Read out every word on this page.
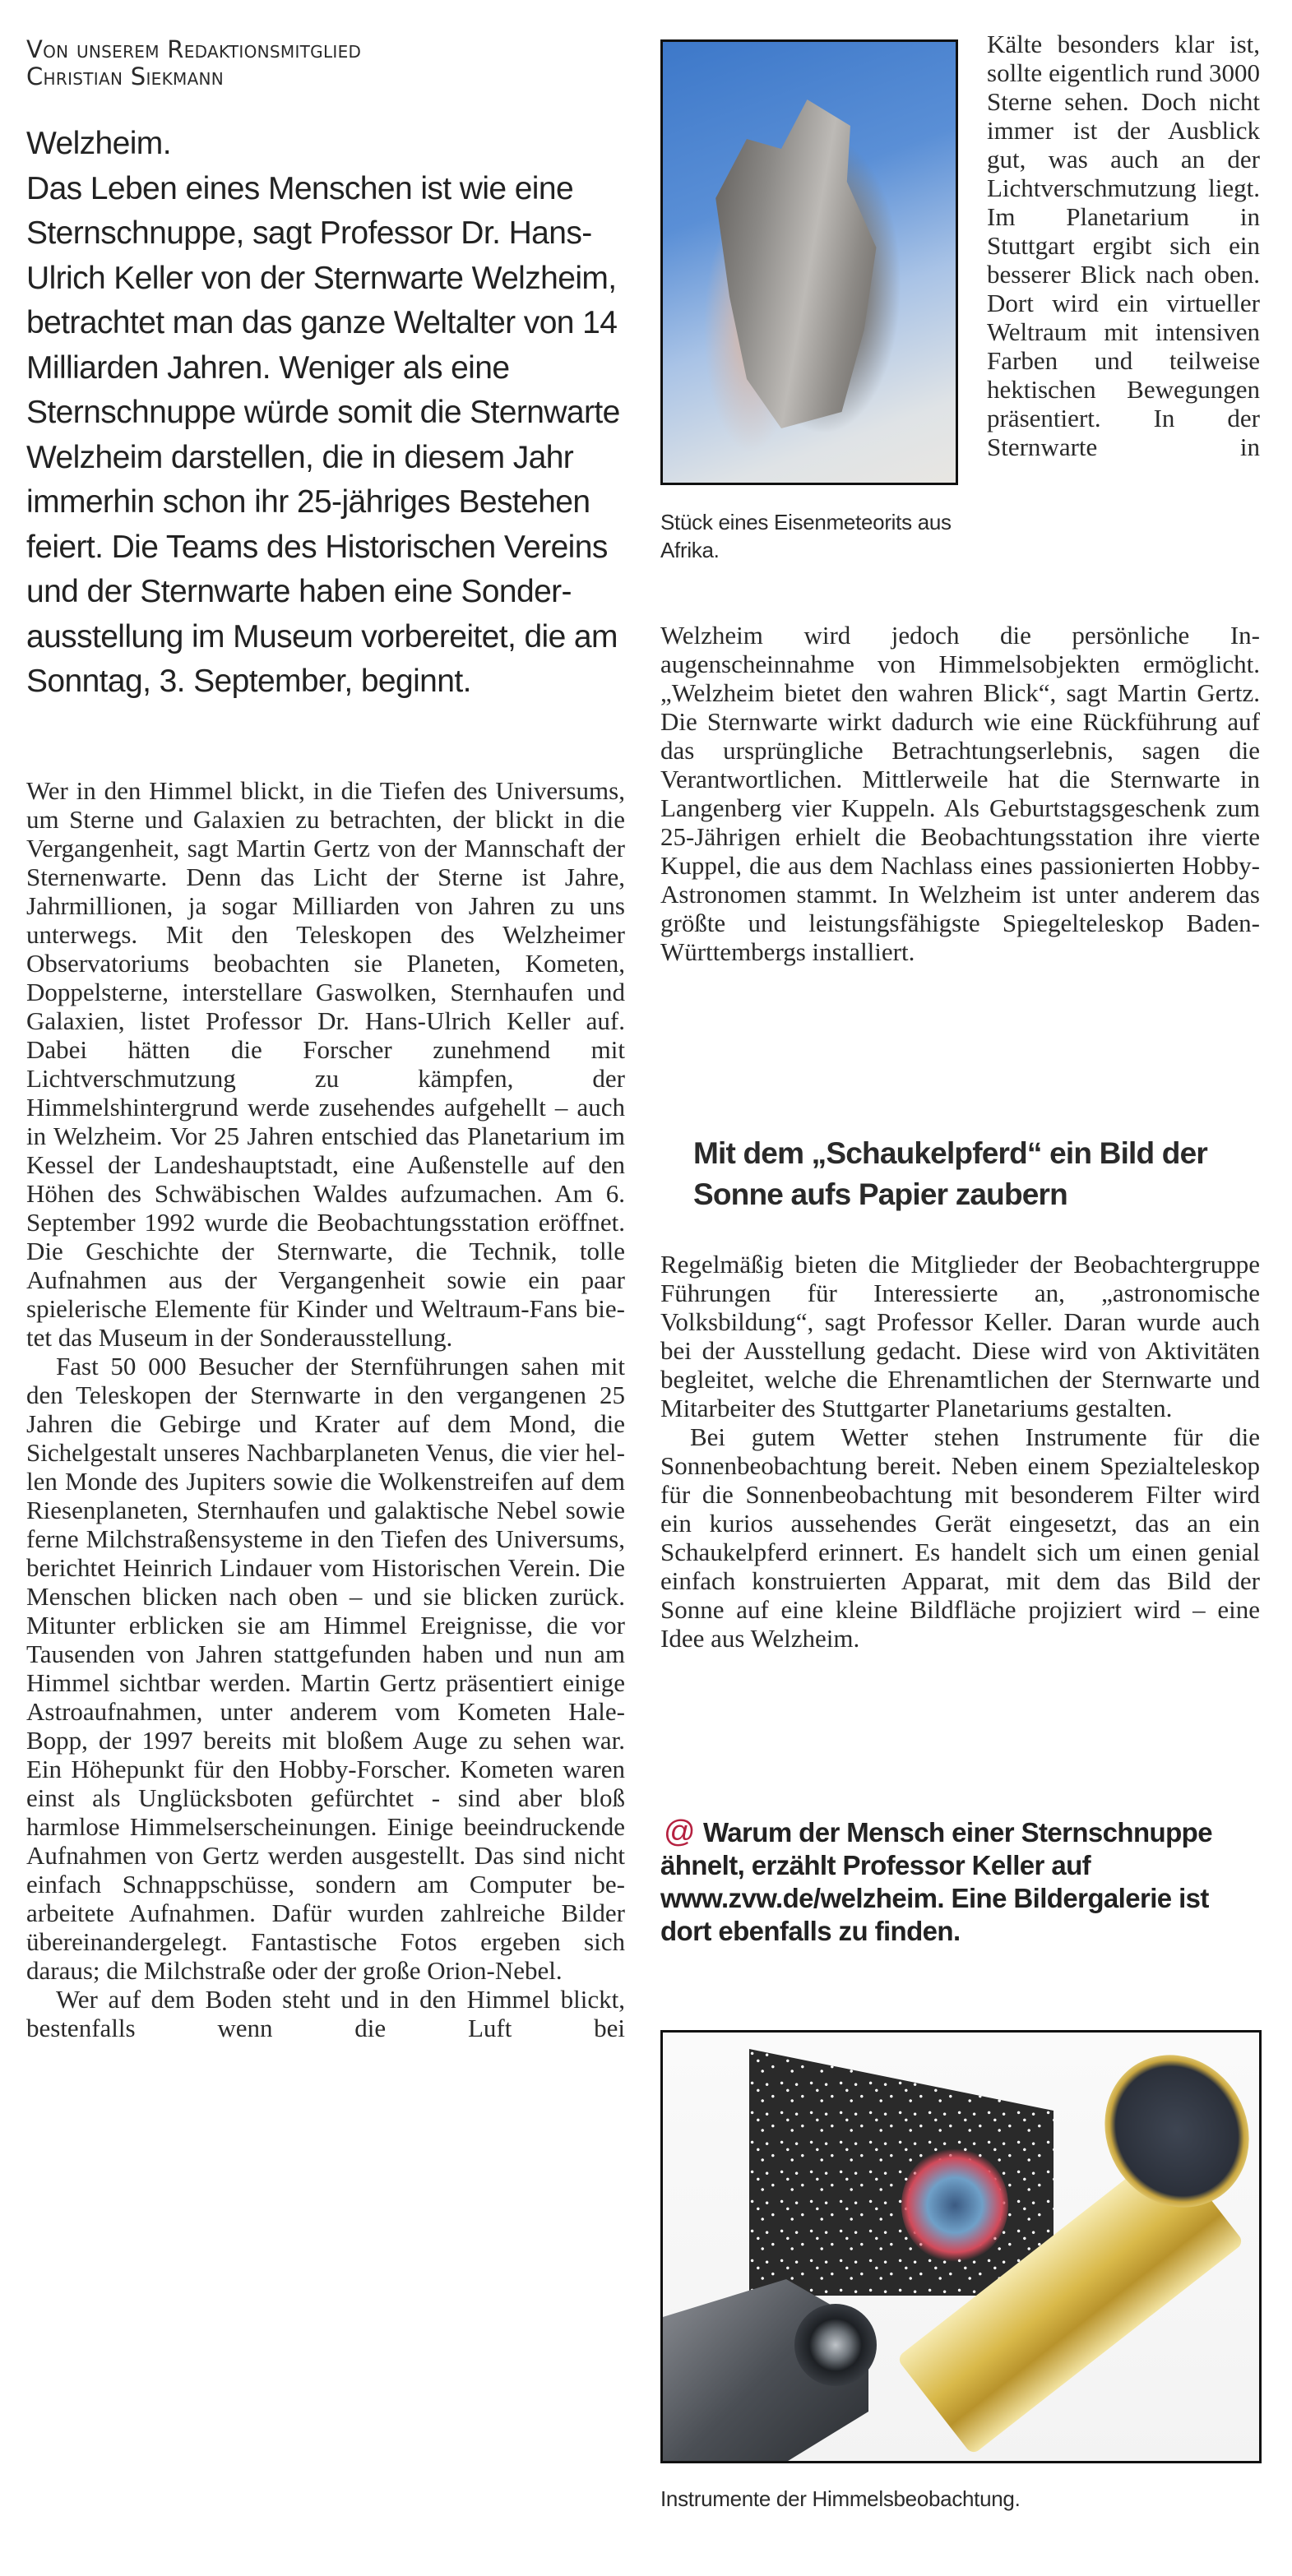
Von unserem Redaktionsmitglied
Christian Siekmann

Welzheim.

Das Leben eines Menschen ist wie eine Sternschnuppe, sagt Professor Dr. Hans- Ulrich Keller von der Sternwarte Welzheim, betrachtet man das ganze Weltalter von 14 Milliarden Jahren. Weniger als eine Sternschnuppe würde somit die Sternwarte Welzheim darstellen, die in diesem Jahr immerhin schon ihr 25-jähriges Bestehen feiert. Die Teams des Historischen Vereins und der Sternwarte haben eine Sonderausstellung im Museum vorbereitet, die am Sonntag, 3. September, beginnt.

Wer in den Himmel blickt, in die Tiefen des Universums, um Sterne und Galaxien zu betrachten, der blickt in die Vergangenheit, sagt Martin Gertz von der Mannschaft der Sternenwarte. Denn das Licht der Sterne ist Jahre, Jahrmillionen, ja sogar Milliarden von Jahren zu uns unterwegs. Mit den Teleskopen des Welzheimer Observatoriums beobachten sie Planeten, Kometen, Doppelsterne, interstellare Gaswolken, Sternhaufen und Galaxien, listet Professor Dr. Hans-Ulrich Keller auf. Dabei hätten die Forscher zunehmend mit Lichtverschmutzung zu kämpfen, der Himmelshintergrund werde zusehendes aufgehellt – auch in Welzheim. Vor 25 Jahren entschied das Planetarium im Kessel der Landeshauptstadt, eine Außenstelle auf den Höhen des Schwäbischen Waldes aufzumachen. Am 6. September 1992 wurde die Beobachtungsstation eröffnet. Die Geschichte der Sternwarte, die Technik, tolle Aufnahmen aus der Vergangenheit sowie ein paar spielerische Elemente für Kinder und Weltraum-Fans bietet das Museum in der Sonderausstellung.

Fast 50 000 Besucher der Sternführungen sahen mit den Teleskopen der Sternwarte in den vergangenen 25 Jahren die Gebirge und Krater auf dem Mond, die Sichelgestalt unseres Nachbarplaneten Venus, die vier hellen Monde des Jupiters sowie die Wolkenstreifen auf dem Riesenplaneten, Sternhaufen und galaktische Nebel sowie ferne Milchstraßensysteme in den Tiefen des Universums, berichtet Heinrich Lindauer vom Historischen Verein. Die Menschen blicken nach oben – und sie blicken zurück. Mitunter erblicken sie am Himmel Ereignisse, die vor Tausenden von Jahren stattgefunden haben und nun am Himmel sichtbar werden. Martin Gertz präsentiert einige Astroaufnahmen, unter anderem vom Kometen Hale-Bopp, der 1997 bereits mit bloßem Auge zu sehen war. Ein Höhepunkt für den Hobby-Forscher. Kometen waren einst als Unglücksboten gefürchtet - sind aber bloß harmlose Himmelserscheinungen. Einige beeindruckende Aufnahmen von Gertz werden ausgestellt. Das sind nicht einfach Schnappschüsse, sondern am Computer bearbeitete Aufnahmen. Dafür wurden zahlreiche Bilder übereinandergelegt. Fantastische Fotos ergeben sich daraus; die Milchstraße oder der große Orion-Nebel.

Wer auf dem Boden steht und in den Himmel blickt, bestenfalls wenn die Luft bei

Stück eines Eisenmeteorits aus Afrika.

Kälte besonders klar ist, sollte eigentlich rund 3000 Sterne sehen. Doch nicht immer ist der Ausblick gut, was auch an der Lichtverschmutzung liegt. Im Planetarium in Stuttgart ergibt sich ein besserer Blick nach oben. Dort wird ein virtueller Weltraum mit intensiven Farben und teilweise hektischen Bewegungen präsentiert. In der Sternwarte in

Welzheim wird jedoch die persönliche Inaugenscheinnahme von Himmelsobjekten ermöglicht. „Welzheim bietet den wahren Blick“, sagt Martin Gertz. Die Sternwarte wirkt dadurch wie eine Rückführung auf das ursprüngliche Betrachtungserlebnis, sagen die Verantwortlichen. Mittlerweile hat die Sternwarte in Langenberg vier Kuppeln. Als Geburtstagsgeschenk zum 25-Jährigen erhielt die Beobachtungsstation ihre vierte Kuppel, die aus dem Nachlass eines passionierten Hobby-Astronomen stammt. In Welzheim ist unter anderem das größte und leistungsfähigste Spiegelteleskop Baden-Württembergs installiert.

Mit dem „Schaukelpferd“ ein Bild der Sonne aufs Papier zaubern

Regelmäßig bieten die Mitglieder der Beobachtergruppe Führungen für Interessierte an, „astronomische Volksbildung“, sagt Professor Keller. Daran wurde auch bei der Ausstellung gedacht. Diese wird von Aktivitäten begleitet, welche die Ehrenamtlichen der Sternwarte und Mitarbeiter des Stuttgarter Planetariums gestalten.

Bei gutem Wetter stehen Instrumente für die Sonnenbeobachtung bereit. Neben einem Spezialteleskop für die Sonnenbeobachtung mit besonderem Filter wird ein kurios aussehendes Gerät eingesetzt, das an ein Schaukelpferd erinnert. Es handelt sich um einen genial einfach konstruierten Apparat, mit dem das Bild der Sonne auf eine kleine Bildfläche projiziert wird – eine Idee aus Welzheim.

@ Warum der Mensch einer Sternschnuppe ähnelt, erzählt Professor Keller auf www.zvw.de/welzheim. Eine Bildergalerie ist dort ebenfalls zu finden.
Instrumente der Himmelsbeobachtung.
